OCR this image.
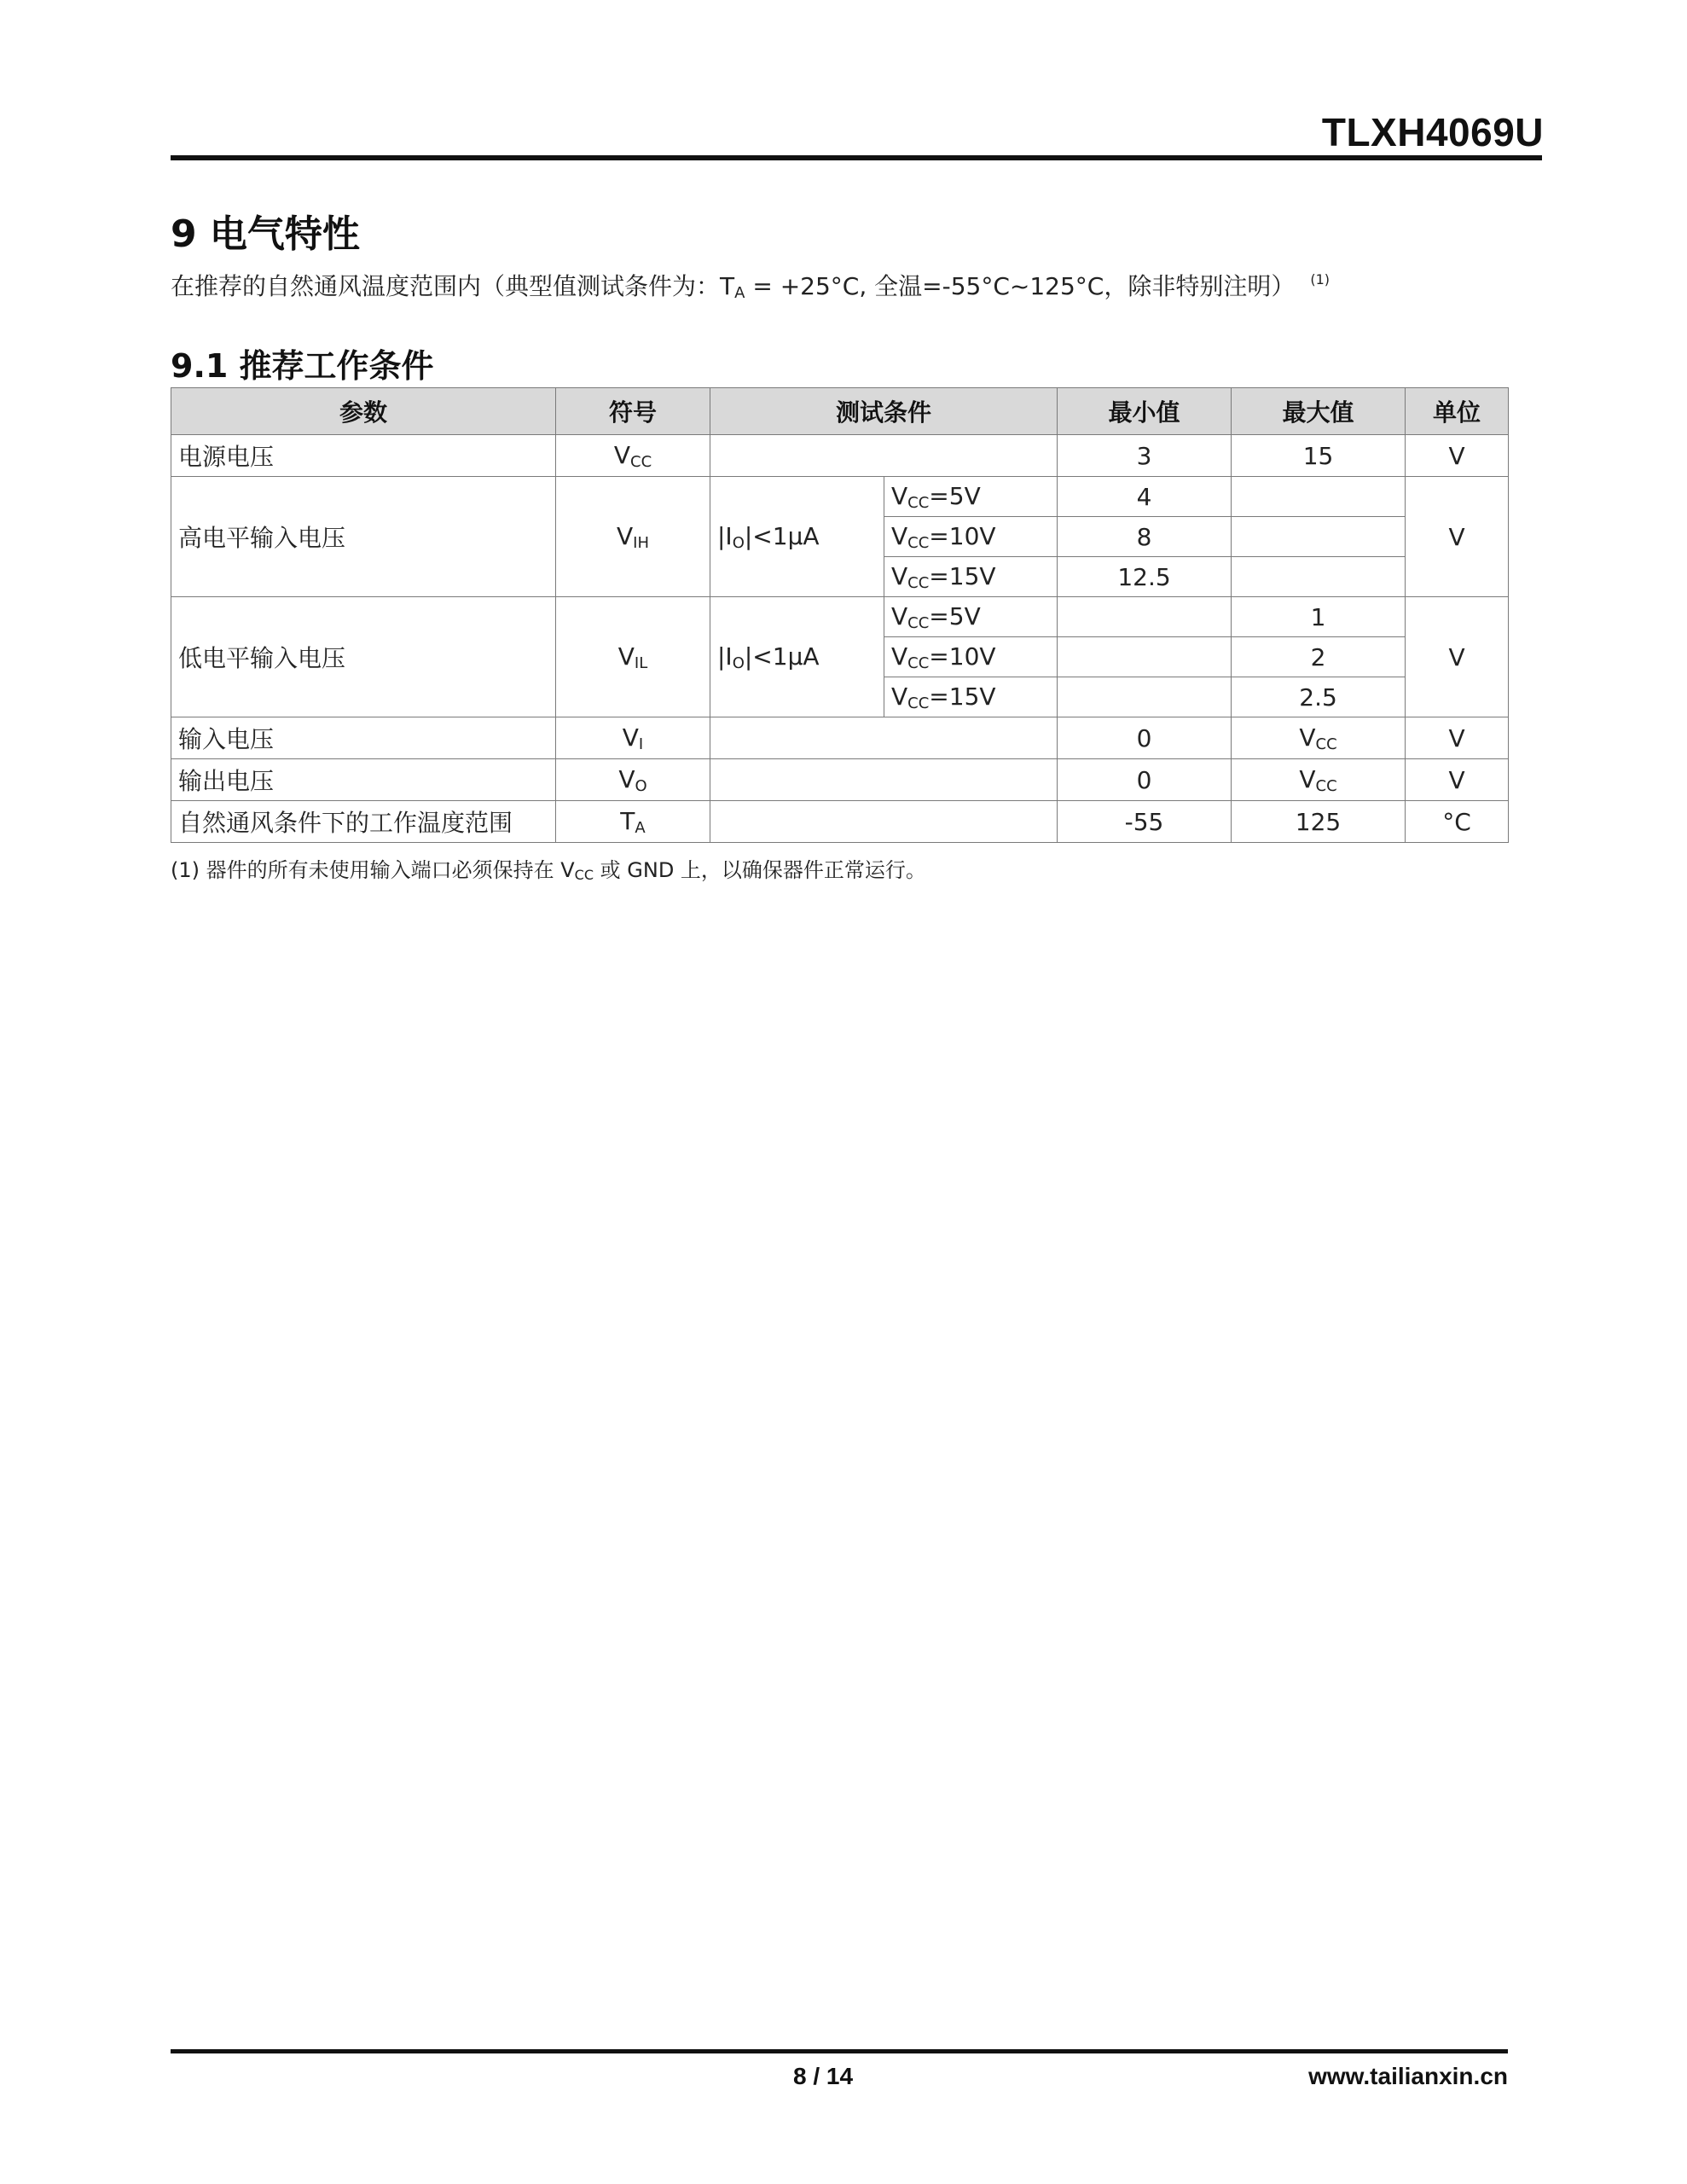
TLXH4069U
9 电气特性
在推荐的自然通风温度范围内（典型值测试条件为：$T_A = +25^\circ C$, 全温=-55°C~125°C，除非特别注明） $^{(1)}$
9.1 推荐工作条件
参数	符号	测试条件		最小值	最大值	单位
电源电压	$V_{CC}$			3	15	V
高电平输入电压	$V_{IH}$	$|I_O|<1\mu A$	$V_{CC}=5V$	4		V
			$V_{CC}=10V$	8		
			$V_{CC}=15V$	12.5		
低电平输入电压	$V_{IL}$	$|I_O|<1\mu A$	$V_{CC}=5V$		1	V
			$V_{CC}=10V$		2	
			$V_{CC}=15V$		2.5	
输入电压	$V_I$			0	$V_{CC}$	V
输出电压	$V_O$			0	$V_{CC}$	V
自然通风条件下的工作温度范围	$T_A$			-55	125	°C
(1) 器件的所有未使用输入端口必须保持在 $V_{CC}$ 或 GND 上，以确保器件正常运行。
8 / 14	www.tailianxin.cn
